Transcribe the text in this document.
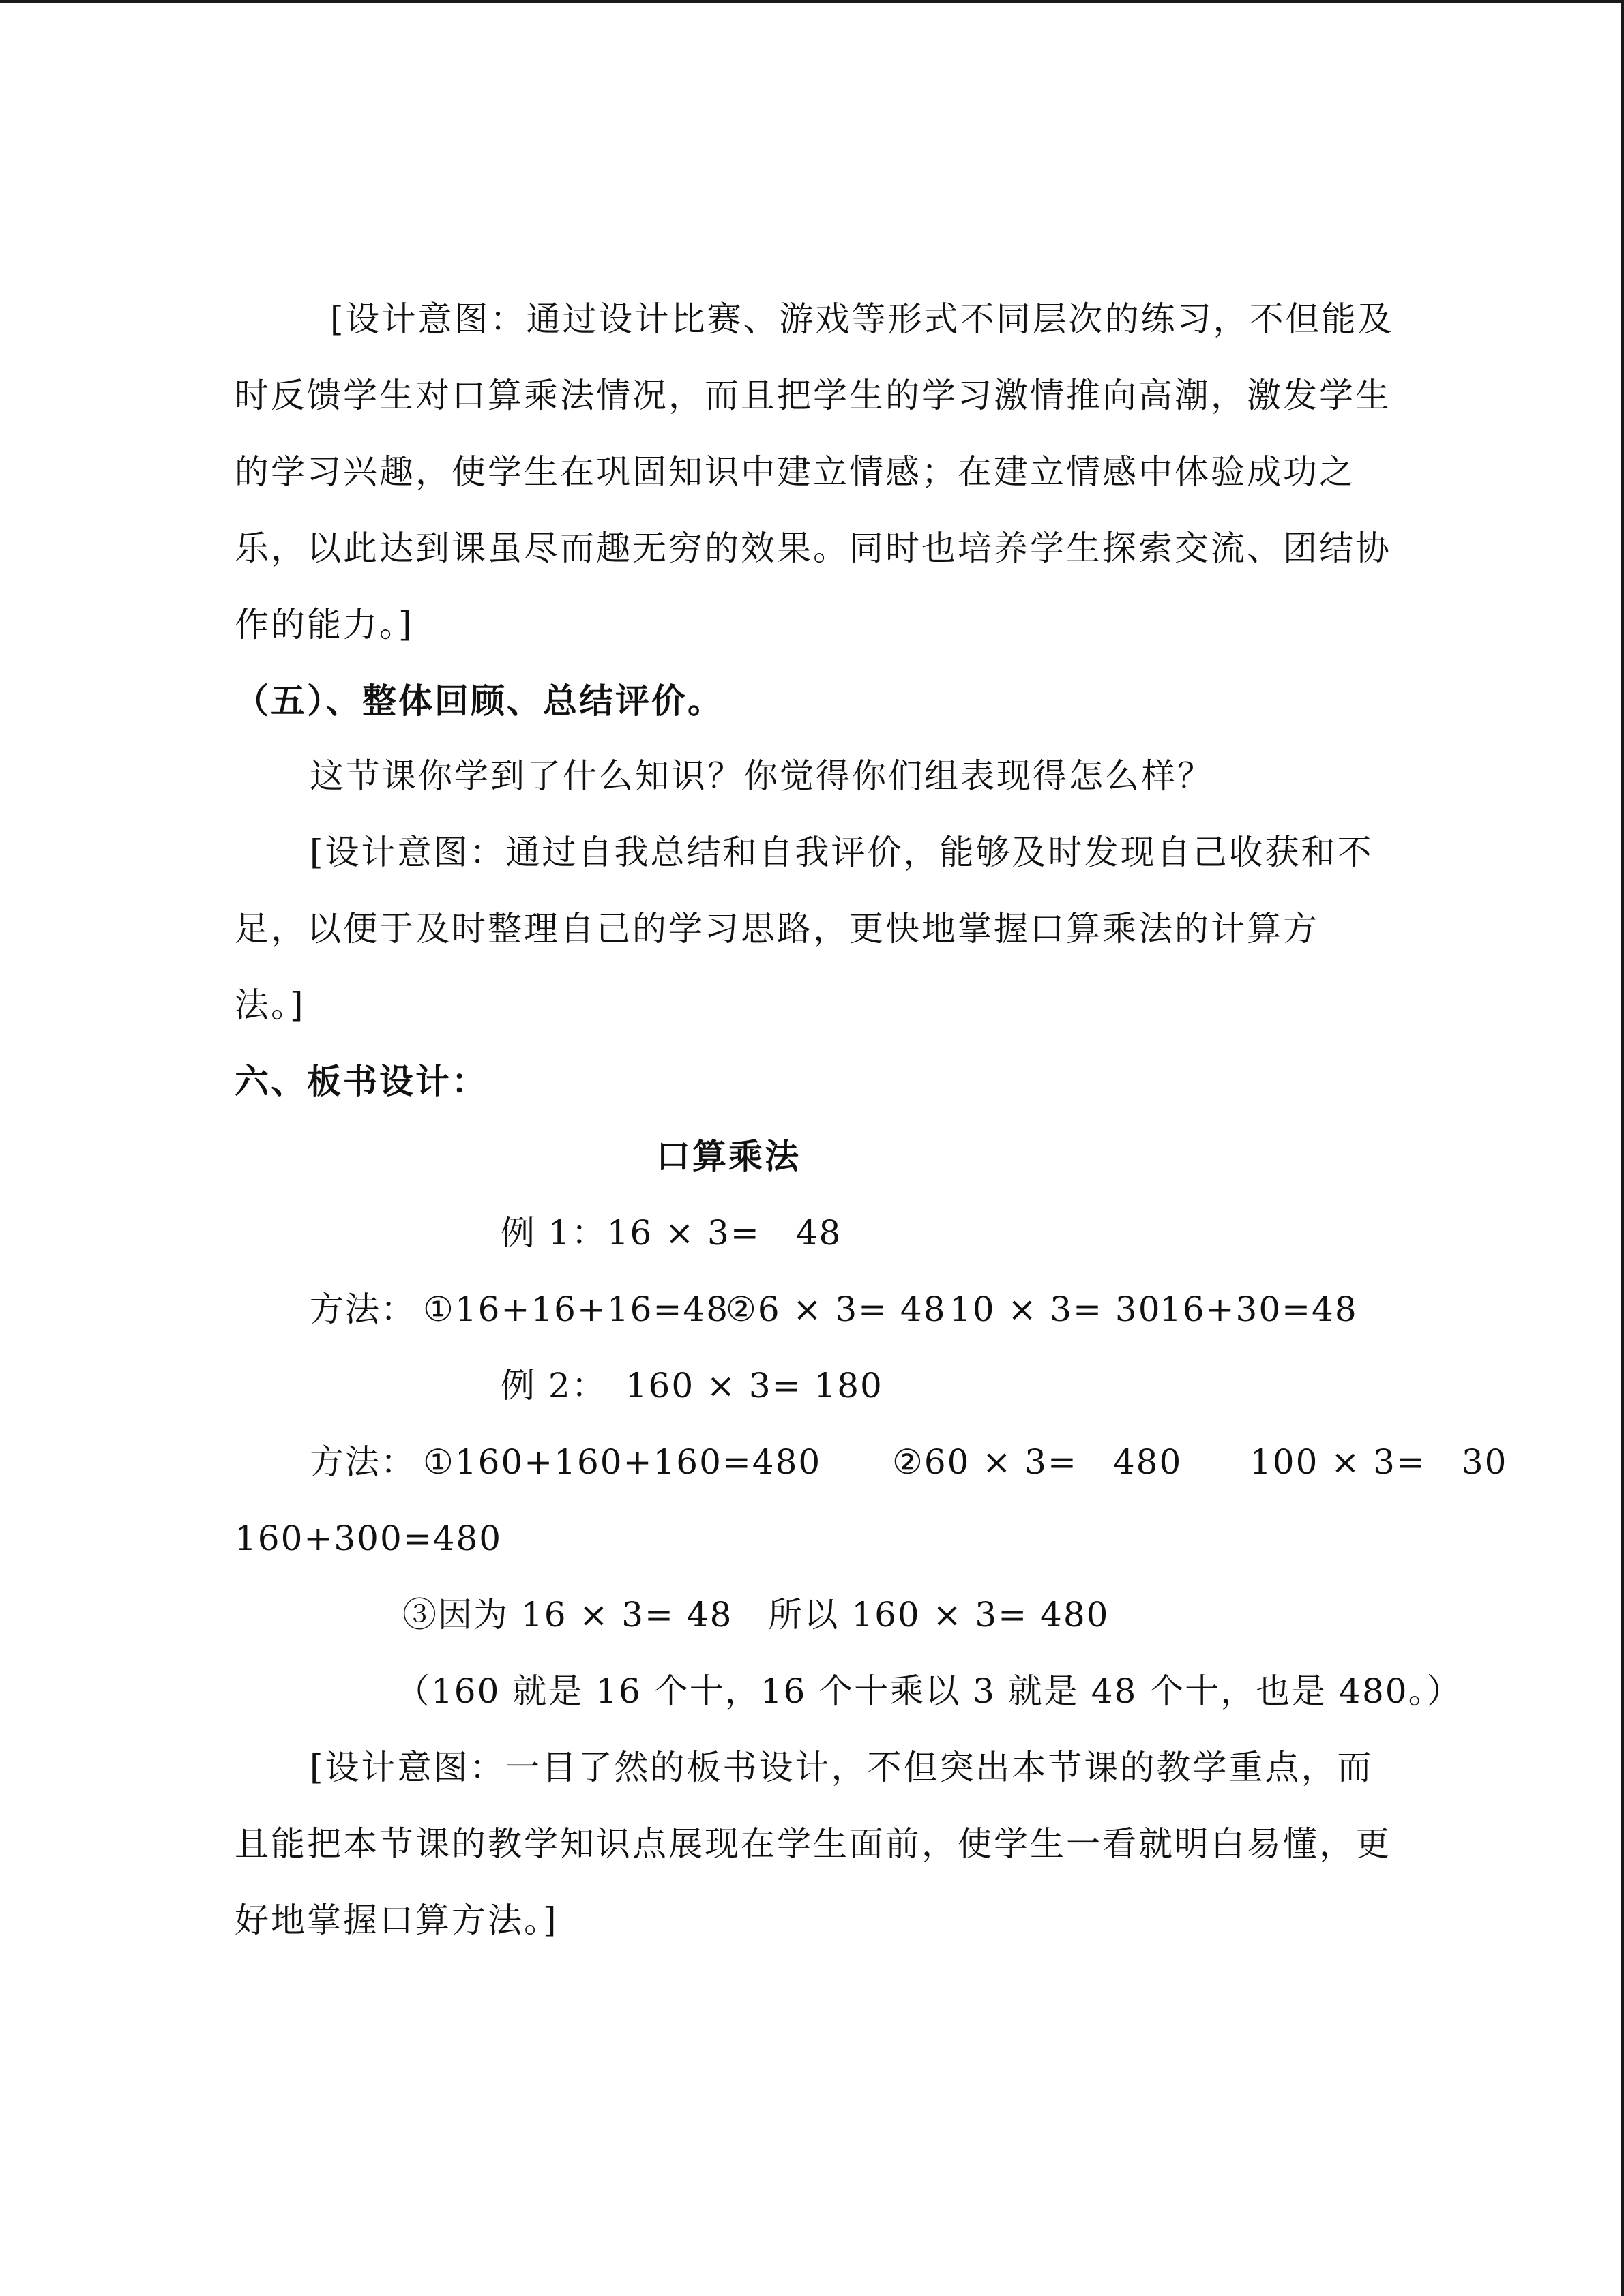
[设计意图：通过设计比赛、游戏等形式不同层次的练习，不但能及
时反馈学生对口算乘法情况，而且把学生的学习激情推向高潮，激发学生
的学习兴趣，使学生在巩固知识中建立情感；在建立情感中体验成功之
乐，以此达到课虽尽而趣无穷的效果。同时也培养学生探索交流、团结协
作的能力。]
（五）、整体回顾、总结评价。
这节课你学到了什么知识？你觉得你们组表现得怎么样？
[设计意图：通过自我总结和自我评价，能够及时发现自己收获和不
足，以便于及时整理自己的学习思路，更快地掌握口算乘法的计算方
法。]
六、板书设计：
口算乘法
例 1：16 × 3=　48
方法： ①16+16+16=48
②6 × 3= 48 10 × 3= 30
16+30=48
例 2：　160 × 3= 180
方法： ①160+160+160=480 ②60 × 3=　480 100 × 3=　30
160+300=480
③因为 16 × 3= 48　所以 160 × 3= 480
（160 就是 16 个十，16 个十乘以 3 就是 48 个十，也是 480。）
[设计意图：一目了然的板书设计，不但突出本节课的教学重点，而
且能把本节课的教学知识点展现在学生面前，使学生一看就明白易懂，更
好地掌握口算方法。]
